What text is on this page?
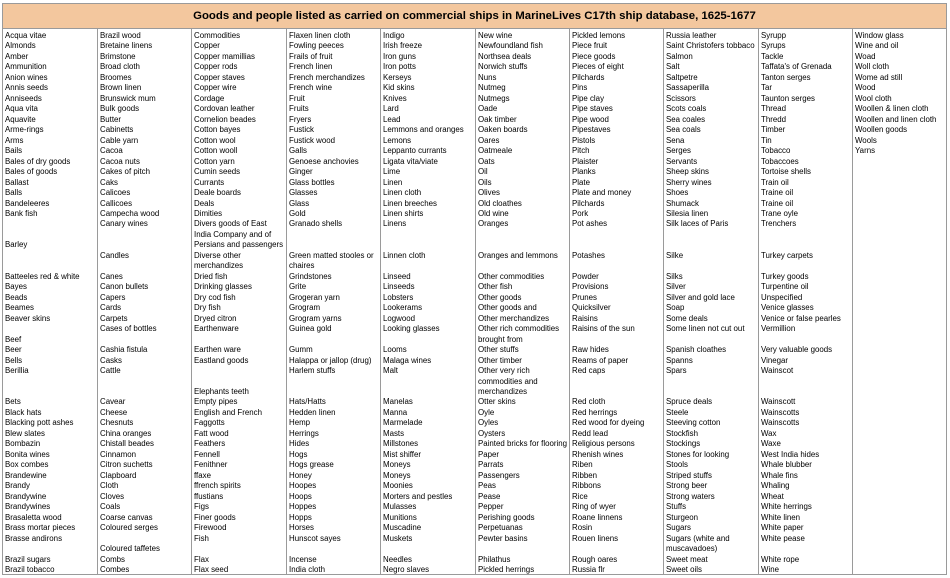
Goods and people listed as carried on commercial ships in MarineLives C17th ship database, 1625-1677
Acqua vitae
Almonds
Amber
Ammunition
Anion wines
Annis seeds
Anniseeds
Aqua vita
Aquavite
Arme-rings
Arms
Bails
Bales of dry goods
Bales of goods
Ballast
Balls
Bandeleeres
Bank fish
Barley
Batteeles red & white
Bayes
Beads
Beames
Beaver skins
Beef
Beer
Bells
Berillia
Bets
Black hats
Blacking pott ashes
Blew slates
Bombazin
Bonita wines
Box combes
Brandewine
Brandy
Brandywine
Brandywines
Brasaletta wood
Brass mortar pieces
Brasse andirons
Brazil sugars
Brazil tobacco
Brazil wood
Bretaine linens
Brimstone
Broad cloth
Broomes
Brown linen
Brunswick mum
Bulk goods
Butter
Cabinetts
Cable yarn
Cacoa
Cacoa nuts
Cakes of pitch
Caks
Calicoes
Callicoes
Campecha wood
Canary wines
Candles
Canes
Canon bullets
Capers
Cards
Carpets
Cases of bottles
Cashia fistula
Casks
Cattle
Cavear
Cheese
Chesnuts
China oranges
Chistall beades
Cinnamon
Citron suchetts
Clapboard
Cloth
Cloves
Coals
Coarse canvas
Coloured serges
Coloured taffetes
Combs
Combes
Commodities
Copper
Copper mamillias
Copper rods
Copper staves
Copper wire
Cordage
Cordovan leather
Cornelion beades
Cotton bayes
Cotton wool
Cotton wooll
Cotton yarn
Cumin seeds
Currants
Deale boards
Deals
Dimities
Divers goods of East India Company and of Persians and passengers
Diverse other merchandizes
Dried fish
Drinking glasses
Dry cod fish
Dry fish
Dryed citron
Earthenware
Earthen ware
Eastland goods
Elephants teeth
Empty pipes
English and French
Faggotts
Fatt wood
Feathers
Fennell
Fenithner
ffaxe
ffrench spirits
ffustians
Figs
Finer goods
Firewood
Fish
Flax
Flax seed
Flaxen linen cloth
Fowling peeces
Frails of fruit
French linen
French merchandizes
French wine
Fruit
Fruits
Fryers
Fustick
Fustick wood
Galls
Genoese anchovies
Ginger
Glass bottles
Glasses
Glass
Gold
Granado shells
Green matted stooles or chaires
Grindstones
Grite
Grogeran yarn
Grogram
Grogram yarns
Guinea gold
Gumm
Halappa or jallop (drug)
Harlem stuffs
Hats/Hatts
Hedden linen
Hemp
Herrings
Hides
Hogs
Hogs grease
Honey
Hoopes
Hoops
Hoppes
Hopps
Horses
Hunscot sayes
Incense
India cloth
Indigo
Irish freeze
Iron guns
Iron potts
Kerseys
Kid skins
Knives
Lard
Lead
Lemmons and oranges
Lemons
Leppanto currants
Ligata vita/viate
Lime
Linen
Linen cloth
Linen breeches
Linen shirts
Linens
Linnen cloth
Linseed
Linseeds
Lobsters
Lookerams
Logwood
Looking glasses
Looms
Malaga wines
Malt
Manelas
Manna
Marmelade
Masts
Millstones
Mist shiffer
Moneys
Moneys
Moonies
Morters and pestles
Mulasses
Munitions
Muscadine
Muskets
Needles
Negro slaves
New wine
Newfoundland fish
Northsea deals
Norwich stuffs
Nuns
Nutmeg
Nutmegs
Oade
Oak timber
Oaken boards
Oares
Oatmeale
Oats
Oil
Oils
Olives
Old cloathes
Old wine
Oranges
Oranges and lemmons
Other commodities
Other fish
Other goods
Other goods and
Other merchandizes
Other rich commodities brought from
Other stuffs
Other timber
Other very rich commodities and merchandizes
Otter skins
Oyle
Oyles
Oysters
Painted bricks for flooring
Paper
Parrats
Passengers
Peas
Pease
Pepper
Perishing goods
Perpetuanas
Pewter basins
Philathus
Pickled herrings
Pickled lemons
Piece fruit
Piece goods
Pieces of eight
Pilchards
Pins
Pipe clay
Pipe staves
Pipe wood
Pipestaves
Pistols
Pitch
Plaister
Planks
Plate
Plate and money
Pilchards
Pork
Pot ashes
Potashes
Powder
Provisions
Prunes
Quicksilver
Raisins
Raisins of the sun
Raw hides
Reams of paper
Red caps
Red cloth
Red herrings
Red wood for dyeing
Redd lead
Religious persons
Rhenish wines
Riben
Ribben
Ribbons
Rice
Ring of wyer
Roane linnens
Rosin
Rouen linens
Rough oares
Russia flr
Russia leather
Saint Christofers tobbaco
Salmon
Salt
Saltpetre
Sassaperilla
Scissors
Scots coals
Sea coales
Sea coals
Sena
Serges
Servants
Sheep skins
Sherry wines
Shoes
Shumack
Silesia linen
Silk laces of Paris
Silke
Silks
Silver
Silver and gold lace
Soap
Some deals
Some linen not cut out
Spanish cloathes
Spanns
Spars
Spruce deals
Steele
Steeving cotton
Stockfish
Stockings
Stones for looking
Stools
Striped stuffs
Strong beer
Strong waters
Stuffs
Sturgeon
Sugars
Sugars (white and muscavadoes)
Sweet meat
Sweet oils
Syrupp
Syrups
Tackle
Taffata's of Grenada
Tanton serges
Tar
Taunton serges
Thread
Thredd
Timber
Tin
Tobacco
Tobaccoes
Tortoise shells
Train oil
Traine oil
Traine oil
Trane oyle
Trenchers
Turkey carpets
Turkey goods
Turpentine oil
Unspecified
Venice glasses
Venice or false pearles
Vermillion
Very valuable goods
Vinegar
Wainscot
Wainscott
Wainscotts
Wainscotts
Wax
Waxe
West India hides
Whale blubber
Whale fins
Whaling
Wheat
White herrings
White linen
White paper
White pease
White rope
Wine
Window glass
Wine and oil
Woad
Woll cloth
Wome ad still
Wood
Wool cloth
Woollen & linen cloth
Woollen and linen cloth
Woollen goods
Wools
Yarns
